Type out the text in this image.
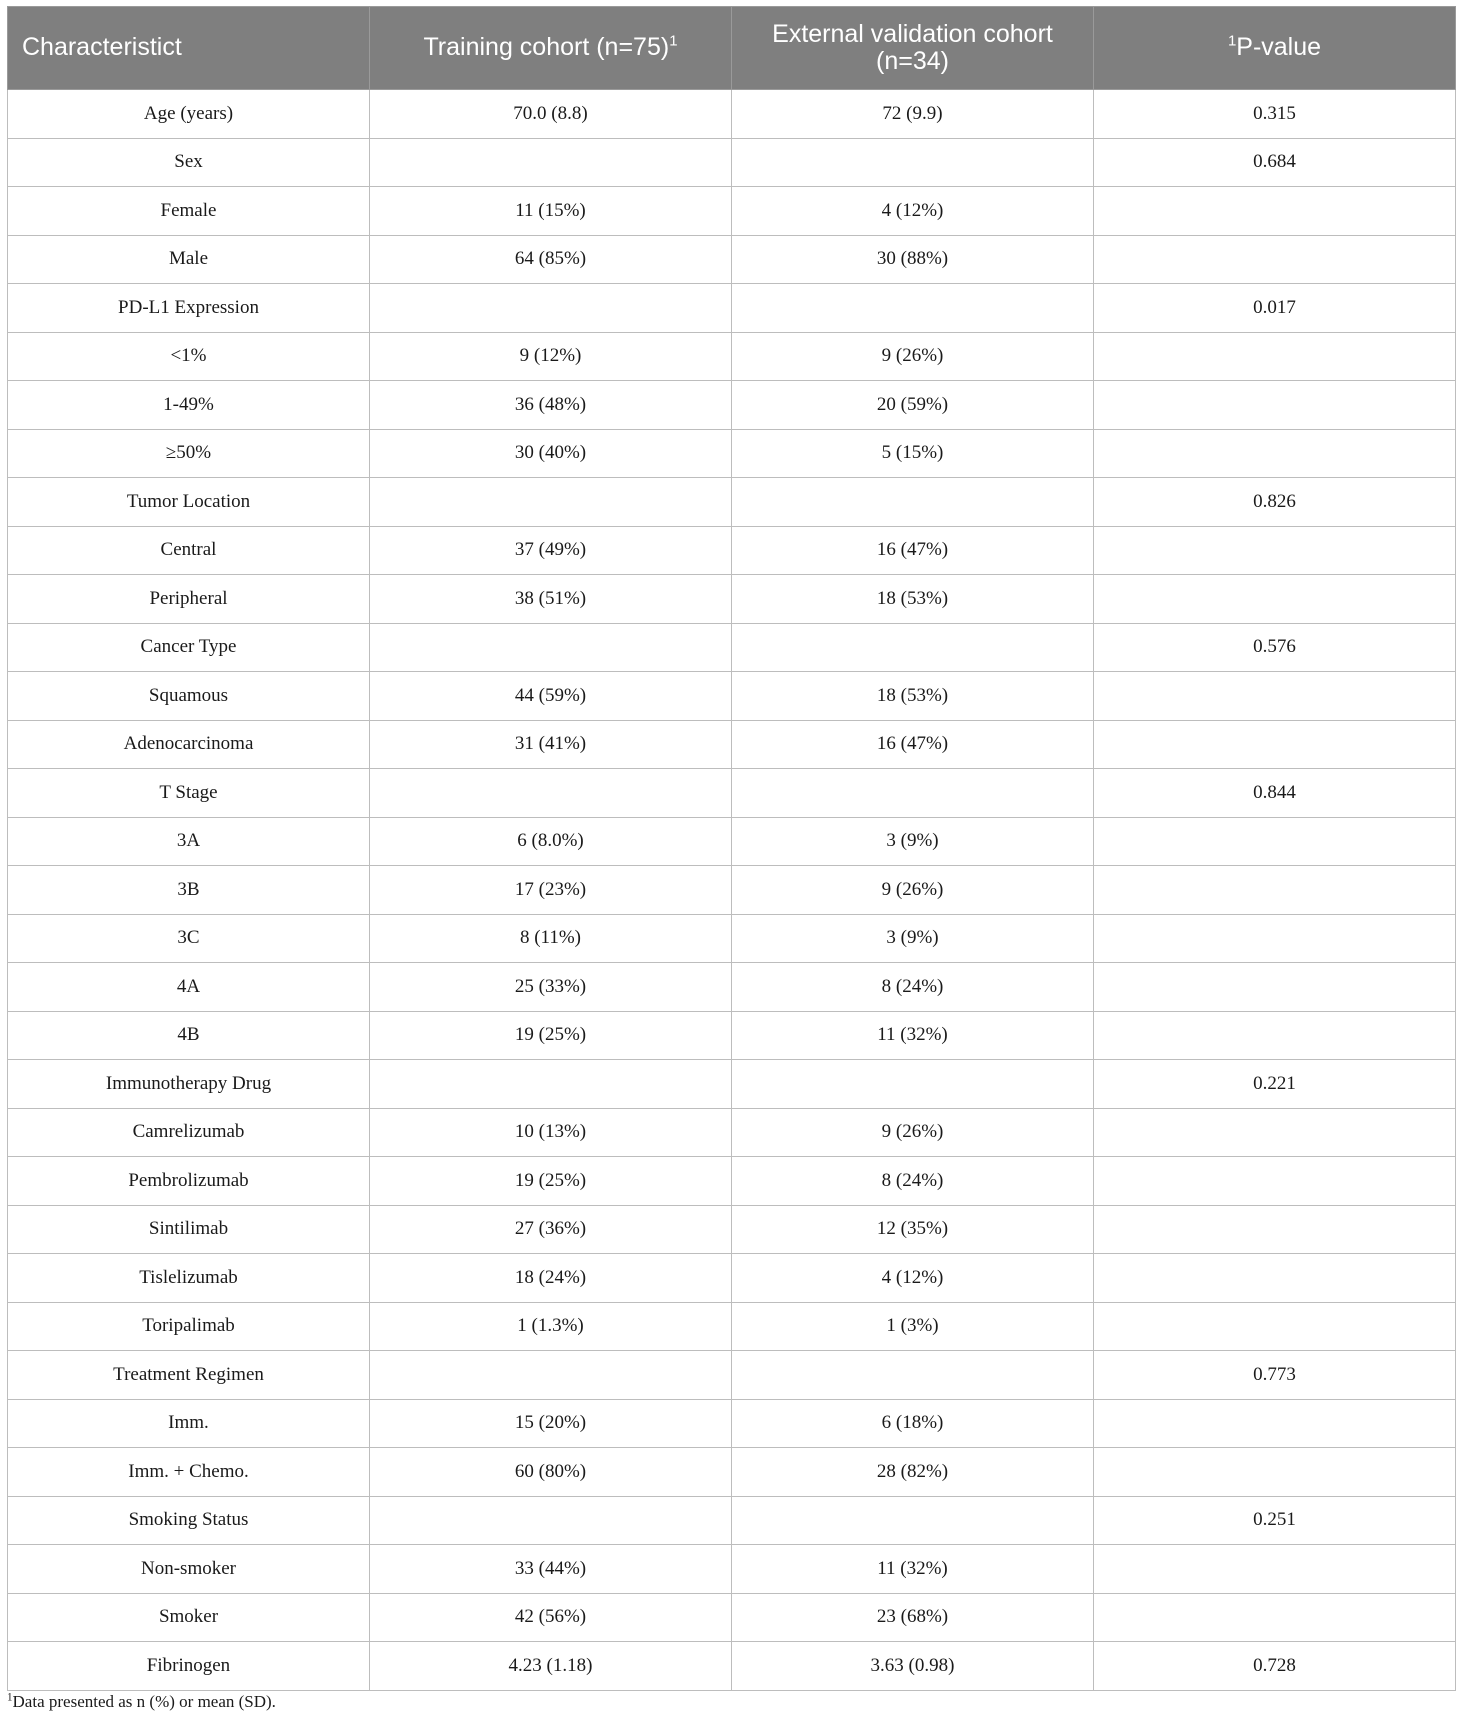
Characteristict	Training cohort (n=75)$^1$	External validation cohort (n=34)	$^1$P-value
Age (years)	70.0 (8.8)	72 (9.9)	0.315
Sex			0.684
Female	11 (15%)	4 (12%)	
Male	64 (85%)	30 (88%)	
PD-L1 Expression			0.017
<1%	9 (12%)	9 (26%)	
1-49%	36 (48%)	20 (59%)	
≥50%	30 (40%)	5 (15%)	
Tumor Location			0.826
Central	37 (49%)	16 (47%)	
Peripheral	38 (51%)	18 (53%)	
Cancer Type			0.576
Squamous	44 (59%)	18 (53%)	
Adenocarcinoma	31 (41%)	16 (47%)	
T Stage			0.844
3A	6 (8.0%)	3 (9%)	
3B	17 (23%)	9 (26%)	
3C	8 (11%)	3 (9%)	
4A	25 (33%)	8 (24%)	
4B	19 (25%)	11 (32%)	
Immunotherapy Drug			0.221
Camrelizumab	10 (13%)	9 (26%)	
Pembrolizumab	19 (25%)	8 (24%)	
Sintilimab	27 (36%)	12 (35%)	
Tislelizumab	18 (24%)	4 (12%)	
Toripalimab	1 (1.3%)	1 (3%)	
Treatment Regimen			0.773
Imm.	15 (20%)	6 (18%)	
Imm. + Chemo.	60 (80%)	28 (82%)	
Smoking Status			0.251
Non-smoker	33 (44%)	11 (32%)	
Smoker	42 (56%)	23 (68%)	
Fibrinogen	4.23 (1.18)	3.63 (0.98)	0.728
$^1$Data presented as n (%) or mean (SD).
